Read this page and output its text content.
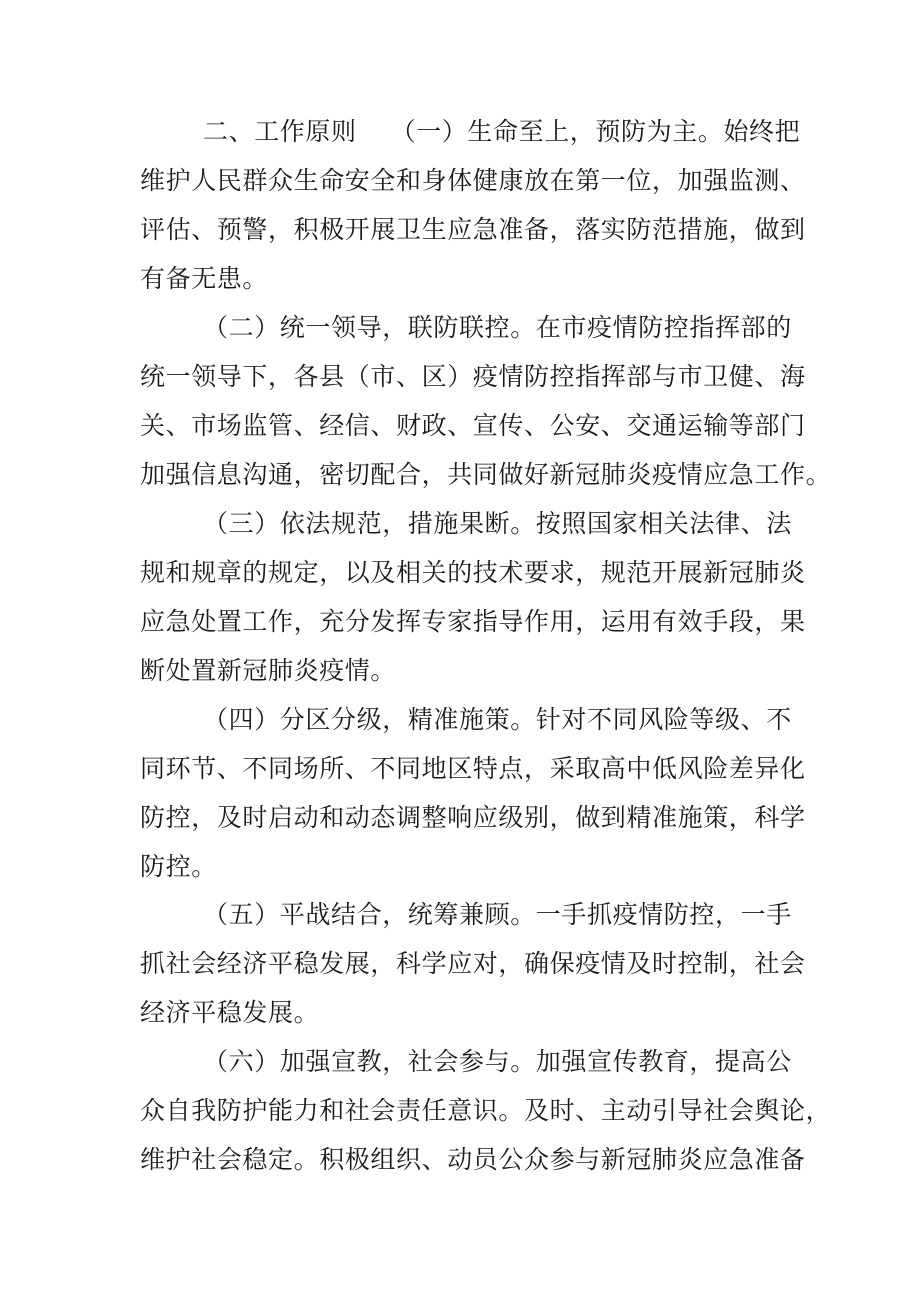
二、工作原则 （一）生命至上，预防为主。始终把
维护人民群众生命安全和身体健康放在第一位，加强监测、
评估、预警，积极开展卫生应急准备，落实防范措施，做到
有备无患。
（二）统一领导，联防联控。在市疫情防控指挥部的
统一领导下，各县（市、区）疫情防控指挥部与市卫健、海
关、市场监管、经信、财政、宣传、公安、交通运输等部门
加强信息沟通，密切配合，共同做好新冠肺炎疫情应急工作。
（三）依法规范，措施果断。按照国家相关法律、法
规和规章的规定，以及相关的技术要求，规范开展新冠肺炎
应急处置工作，充分发挥专家指导作用，运用有效手段，果
断处置新冠肺炎疫情。
（四）分区分级，精准施策。针对不同风险等级、不
同环节、不同场所、不同地区特点，采取高中低风险差异化
防控，及时启动和动态调整响应级别，做到精准施策，科学
防控。
（五）平战结合，统筹兼顾。一手抓疫情防控，一手
抓社会经济平稳发展，科学应对，确保疫情及时控制，社会
经济平稳发展。
（六）加强宣教，社会参与。加强宣传教育，提高公
众自我防护能力和社会责任意识。及时、主动引导社会舆论，
维护社会稳定。积极组织、动员公众参与新冠肺炎应急准备
